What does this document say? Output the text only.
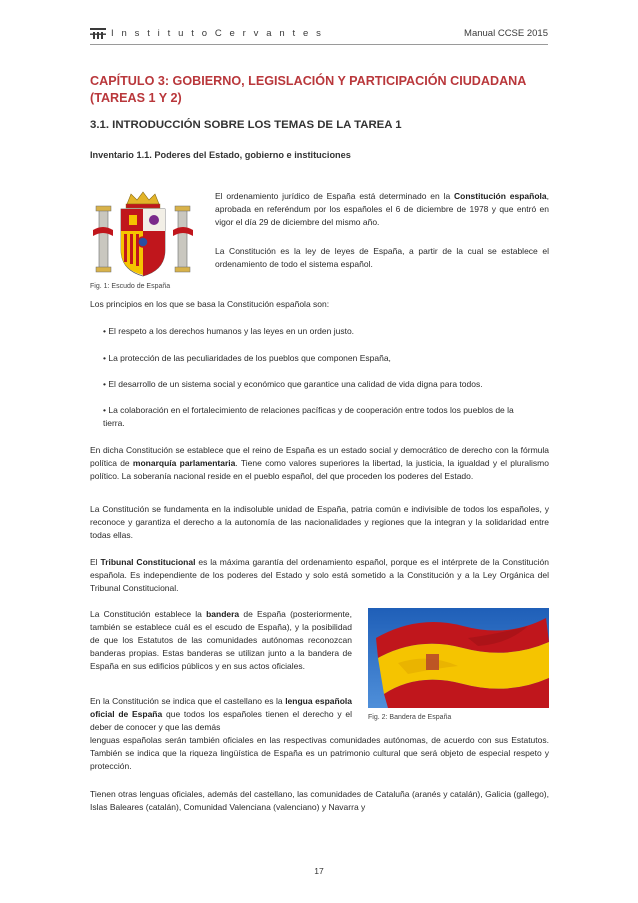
I n s t i t u t o C e r v a n t e s	Manual CCSE 2015
CAPÍTULO 3: GOBIERNO, LEGISLACIÓN Y PARTICIPACIÓN CIUDADANA (TAREAS 1 Y 2)
3.1. INTRODUCCIÓN SOBRE LOS TEMAS DE LA TAREA 1
Inventario 1.1. Poderes del Estado, gobierno e instituciones
El ordenamiento jurídico de España está determinado en la Constitución española, aprobada en referéndum por los españoles el 6 de diciembre de 1978 y que entró en vigor el día 29 de diciembre del mismo año.
La Constitución es la ley de leyes de España, a partir de la cual se establece el ordenamiento de todo el sistema español.
Fig. 1: Escudo de España
Los principios en los que se basa la Constitución española son:
• El respeto a los derechos humanos y las leyes en un orden justo.
• La protección de las peculiaridades de los pueblos que componen España,
• El desarrollo de un sistema social y económico que garantice una calidad de vida digna para todos.
• La colaboración en el fortalecimiento de relaciones pacíficas y de cooperación entre todos los pueblos de la tierra.
En dicha Constitución se establece que el reino de España es un estado social y democrático de derecho con la fórmula política de monarquía parlamentaria. Tiene como valores superiores la libertad, la justicia, la igualdad y el pluralismo político. La soberanía nacional reside en el pueblo español, del que proceden los poderes del Estado.
La Constitución se fundamenta en la indisoluble unidad de España, patria común e indivisible de todos los españoles, y reconoce y garantiza el derecho a la autonomía de las nacionalidades y regiones que la integran y la solidaridad entre todas ellas.
El Tribunal Constitucional es la máxima garantía del ordenamiento español, porque es el intérprete de la Constitución española. Es independiente de los poderes del Estado y solo está sometido a la Constitución y a la Ley Orgánica del Tribunal Constitucional.
La Constitución establece la bandera de España (posteriormente, también se establece cuál es el escudo de España), y la posibilidad de que los Estatutos de las comunidades autónomas reconozcan banderas propias. Estas banderas se utilizan junto a la bandera de España en sus edificios públicos y en sus actos oficiales.
En la Constitución se indica que el castellano es la lengua española oficial de España que todos los españoles tienen el derecho y el deber de conocer y que las demás
lenguas españolas serán también oficiales en las respectivas comunidades autónomas, de acuerdo con sus Estatutos. También se indica que la riqueza lingüística de España es un patrimonio cultural que será objeto de especial respeto y protección.
Fig. 2: Bandera de España
Tienen otras lenguas oficiales, además del castellano, las comunidades de Cataluña (aranés y catalán), Galicia (gallego), Islas Baleares (catalán), Comunidad Valenciana (valenciano) y Navarra y
17
